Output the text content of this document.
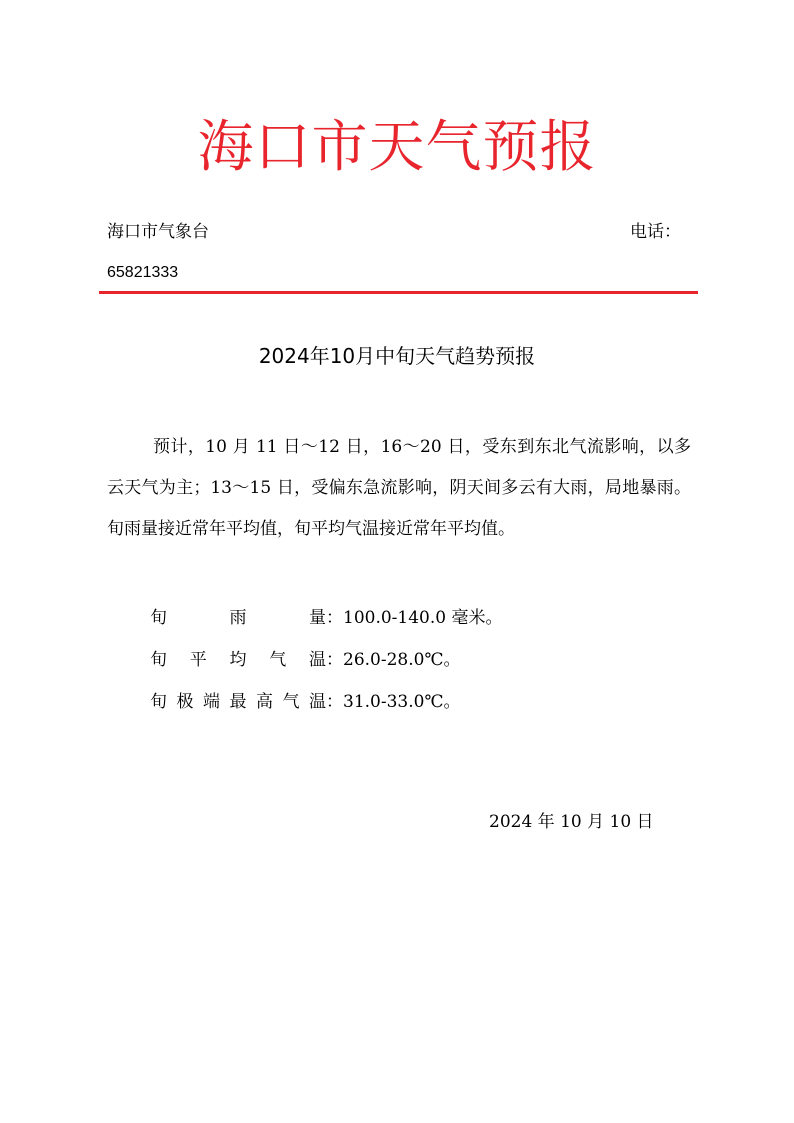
海口市天气预报
海口市气象台	电话：
65821333
2024年10月中旬天气趋势预报
预计，10 月 11 日～12 日，16～20 日，受东到东北气流影响，以多云天气为主；13～15 日，受偏东急流影响，阴天间多云有大雨，局地暴雨。旬雨量接近常年平均值，旬平均气温接近常年平均值。
旬雨量：100.0-140.0 毫米。
旬平均气温：26.0-28.0℃。
旬极端最高气温：31.0-33.0℃。
2024 年 10 月 10 日
